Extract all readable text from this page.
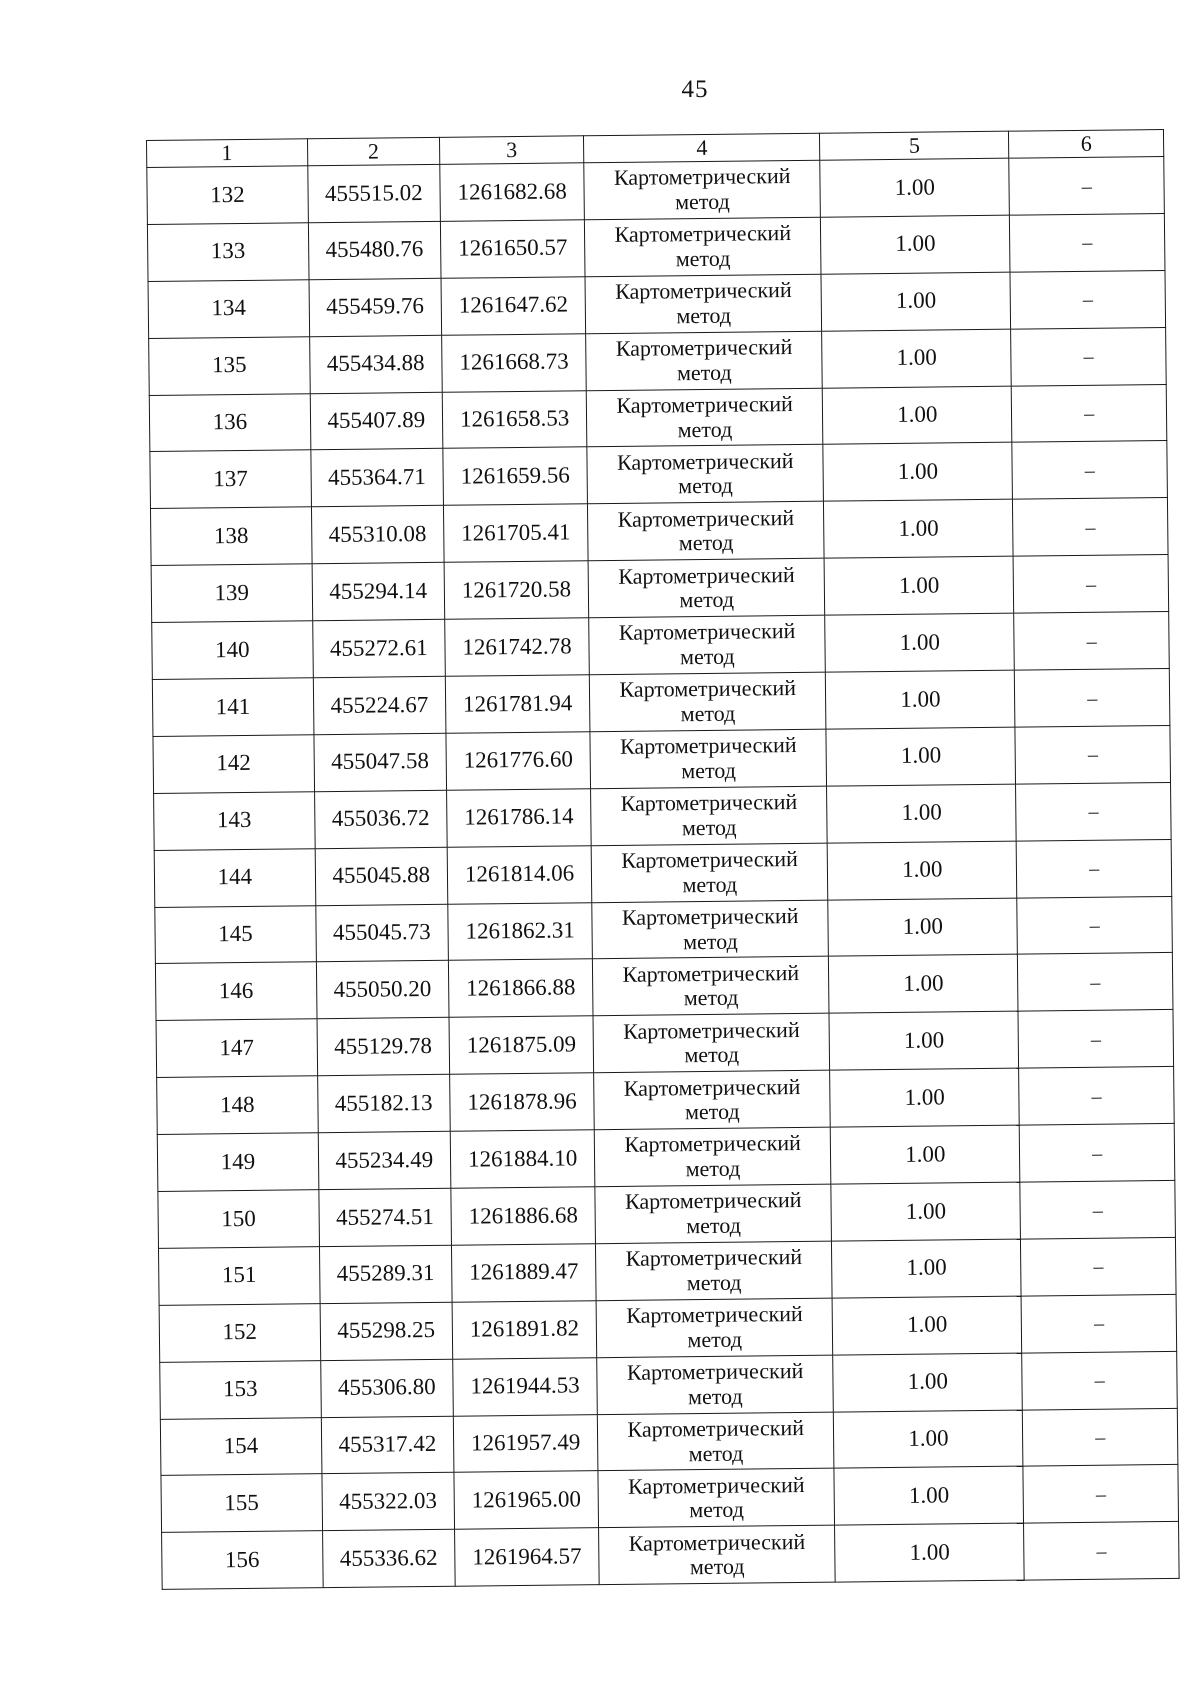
45
1	2	3	4	5	6
132	455515.02	1261682.68	Картометрический метод	1.00	–
133	455480.76	1261650.57	Картометрический метод	1.00	–
134	455459.76	1261647.62	Картометрический метод	1.00	–
135	455434.88	1261668.73	Картометрический метод	1.00	–
136	455407.89	1261658.53	Картометрический метод	1.00	–
137	455364.71	1261659.56	Картометрический метод	1.00	–
138	455310.08	1261705.41	Картометрический метод	1.00	–
139	455294.14	1261720.58	Картометрический метод	1.00	–
140	455272.61	1261742.78	Картометрический метод	1.00	–
141	455224.67	1261781.94	Картометрический метод	1.00	–
142	455047.58	1261776.60	Картометрический метод	1.00	–
143	455036.72	1261786.14	Картометрический метод	1.00	–
144	455045.88	1261814.06	Картометрический метод	1.00	–
145	455045.73	1261862.31	Картометрический метод	1.00	–
146	455050.20	1261866.88	Картометрический метод	1.00	–
147	455129.78	1261875.09	Картометрический метод	1.00	–
148	455182.13	1261878.96	Картометрический метод	1.00	–
149	455234.49	1261884.10	Картометрический метод	1.00	–
150	455274.51	1261886.68	Картометрический метод	1.00	–
151	455289.31	1261889.47	Картометрический метод	1.00	–
152	455298.25	1261891.82	Картометрический метод	1.00	–
153	455306.80	1261944.53	Картометрический метод	1.00	–
154	455317.42	1261957.49	Картометрический метод	1.00	–
155	455322.03	1261965.00	Картометрический метод	1.00	–
156	455336.62	1261964.57	Картометрический метод	1.00	–
